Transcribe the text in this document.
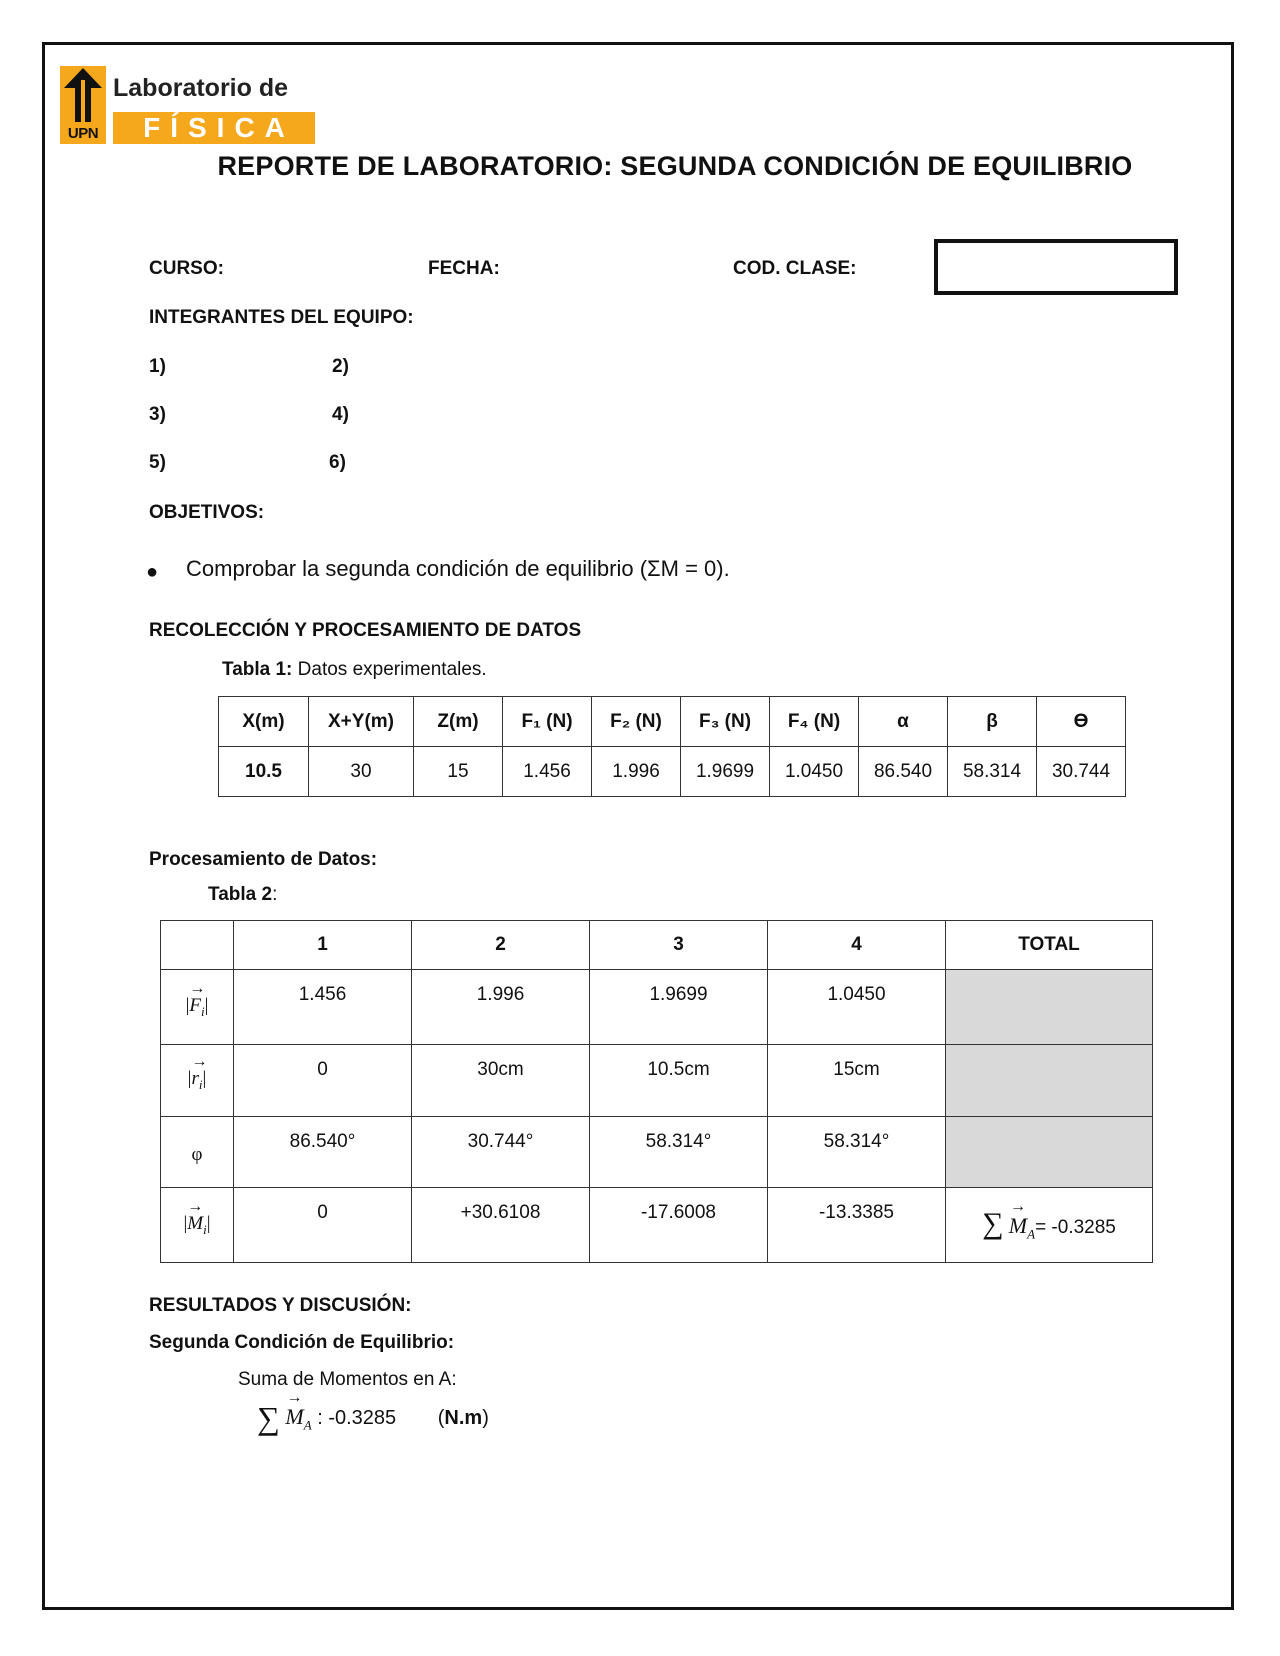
UPN
Laboratorio de
FÍSICA
REPORTE DE LABORATORIO: SEGUNDA CONDICIÓN DE EQUILIBRIO
CURSO:	FECHA:	COD. CLASE:
INTEGRANTES DEL EQUIPO:
1)	2)
3)	4)
5)	6)
OBJETIVOS:
● Comprobar la segunda condición de equilibrio (ΣM = 0).
RECOLECCIÓN Y PROCESAMIENTO DE DATOS
Tabla 1: Datos experimentales.
X(m)	X+Y(m)	Z(m)	F₁ (N)	F₂ (N)	F₃ (N)	F₄ (N)	α	β	ϴ
10.5	30	15	1.456	1.996	1.9699	1.0450	86.540	58.314	30.744
Procesamiento de Datos:
Tabla 2:
	1	2	3	4	TOTAL
|→ $F_i|$	1.456	1.996	1.9699	1.0450	
|→ $r_i|$	0	30cm	10.5cm	15cm	
φ	86.540°	30.744°	58.314°	58.314°	
|→ $M_i|$	0	+30.6108	-17.6008	-13.3385	∑ → $M_A= -0.3285$
RESULTADOS Y DISCUSIÓN:
Segunda Condición de Equilibrio:
Suma de Momentos en A:
∑ → $M_A$ : -0.3285 (N.m)
